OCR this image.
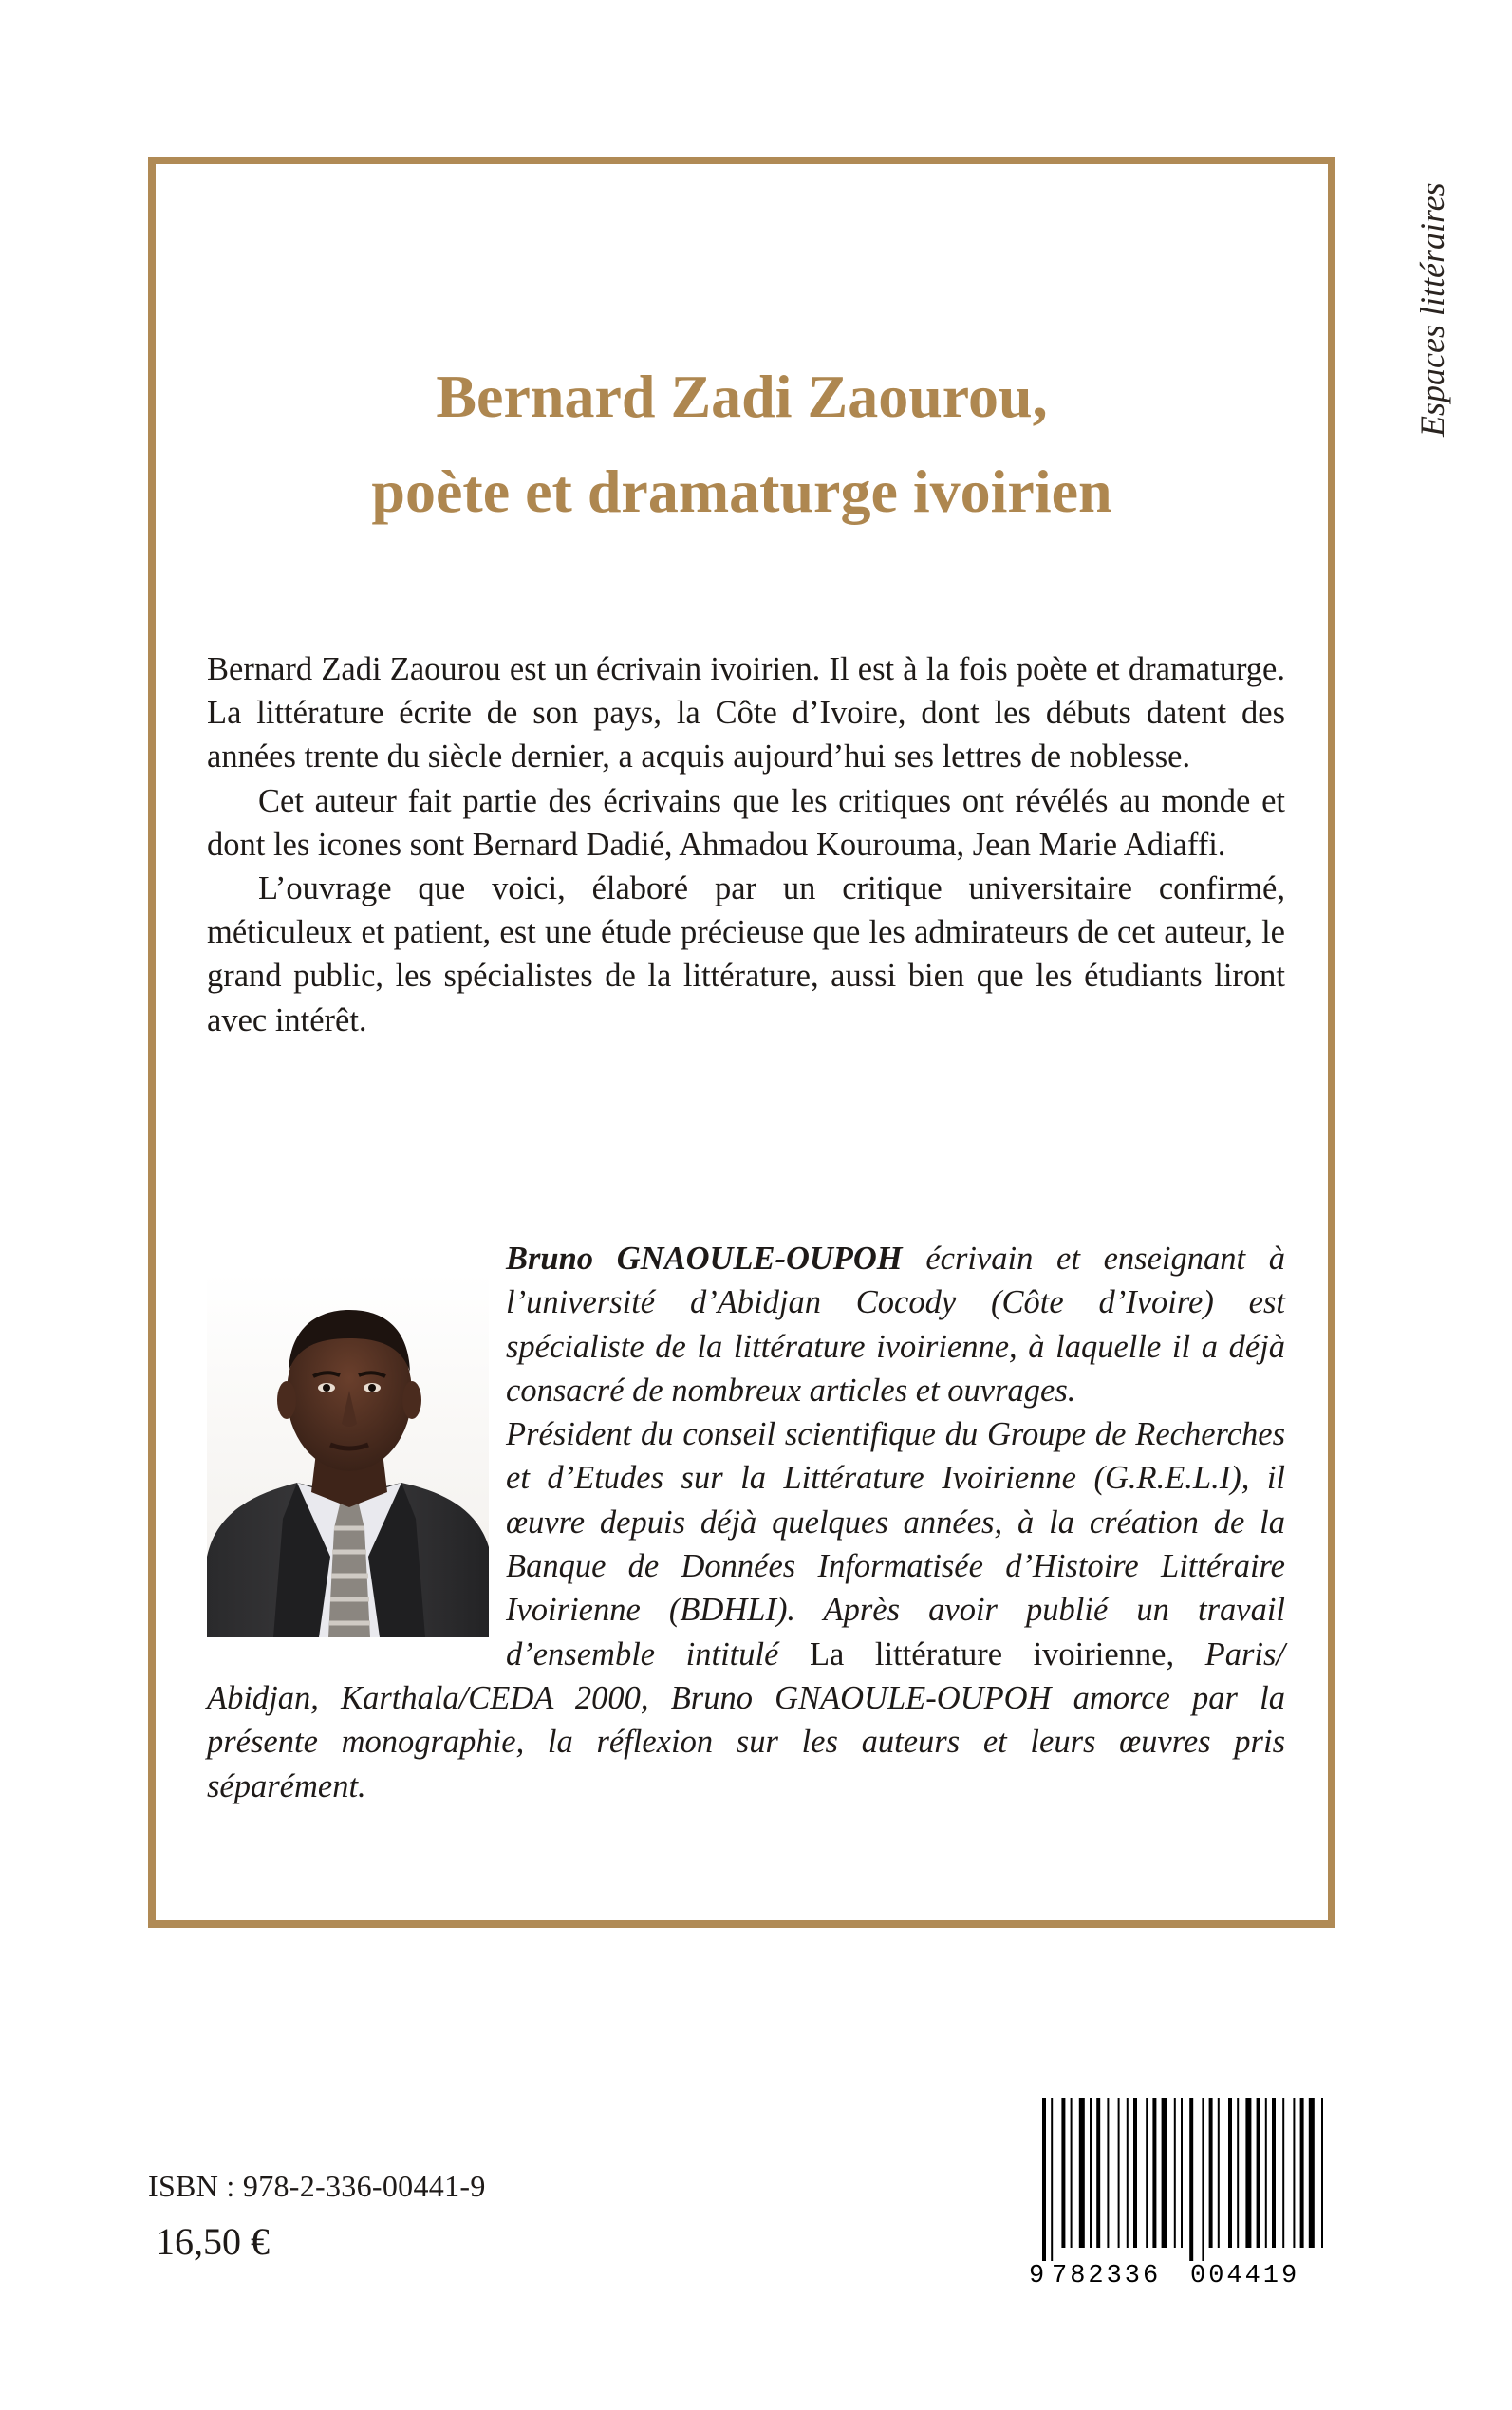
Espaces littéraires
Bernard Zadi Zaourou,
poète et dramaturge ivoirien

Bernard Zadi Zaourou est un écrivain ivoirien. Il est à la fois poète et dramaturge. La littérature écrite de son pays, la Côte d’Ivoire, dont les débuts datent des années trente du siècle dernier, a acquis aujourd’hui ses lettres de noblesse.

Cet auteur fait partie des écrivains que les critiques ont révélés au monde et dont les icones sont Bernard Dadié, Ahmadou Kourouma, Jean Marie Adiaffi.

L’ouvrage que voici, élaboré par un critique universitaire confirmé, méticuleux et patient, est une étude précieuse que les admirateurs de cet auteur, le grand public, les spécialistes de la littérature, aussi bien que les étudiants liront avec intérêt.

Bruno GNAOULE-OUPOH écrivain et enseignant à l’université d’Abidjan Cocody (Côte d’Ivoire) est spécialiste de la littérature ivoirienne, à laquelle il a déjà consacré de nombreux articles et ouvrages.

Président du conseil scientifique du Groupe de Recherches et d’Etudes sur la Littérature Ivoirienne (G.R.E.L.I), il œuvre depuis déjà quelques années, à la création de la Banque de Données Informatisée d’Histoire Littéraire Ivoirienne (BDHLI). Après avoir publié un travail d’ensemble intitulé La littérature ivoirienne, Paris/ Abidjan, Karthala/CEDA 2000, Bruno GNAOULE-OUPOH amorce par la présente monographie, la réflexion sur les auteurs et leurs œuvres pris séparément.

ISBN : 978-2-336-00441-9
16,50 €
9 782336 004419
